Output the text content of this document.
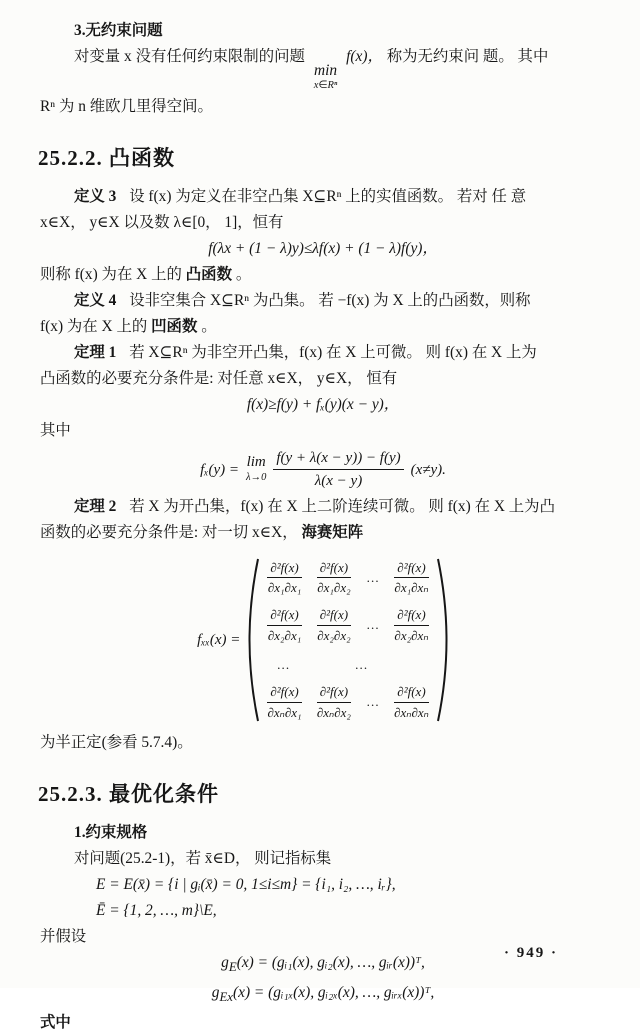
3.无约束问题
对变量 x 没有任何约束限制的问题
min
x∈Rⁿ
f(x)， 称为无约束问 题。 其中
Rⁿ 为 n 维欧几里得空间。
25.2.2. 凸函数
定义 3 设 f(x) 为定义在非空凸集 X⊆Rⁿ 上的实值函数。 若对 任 意
x∈X， y∈X 以及数 λ∈[0， 1]，恒有
f(λx + (1 − λ)y)≤λf(x) + (1 − λ)f(y)，
则称 f(x) 为在 X 上的 凸函数 。
定义 4 设非空集合 X⊆Rⁿ 为凸集。 若 −f(x) 为 X 上的凸函数，则称
f(x) 为在 X 上的 凹函数 。
定理 1 若 X⊆Rⁿ 为非空开凸集，f(x) 在 X 上可微。 则 f(x) 在 X 上为
凸函数的必要充分条件是: 对任意 x∈X， y∈X， 恒有
f(x)≥f(y) + fₓ(y)(x − y)，
其中
fₓ(y) = lim
$\lambda\to 0 \frac{f(y + \lambda(x - y)) - f(y)}{\lambda(x - y)} (x\ne y)$.
定理 2 若 X 为开凸集，f(x) 在 X 上二阶连续可微。 则 f(x) 在 X 上为凸
函数的必要充分条件是: 对一切 x∈X， 海赛矩阵
fₓₓ(x) =
$\frac{\text{∂²f(x)}}{\text{∂x₁∂x₁}} \frac{\text{∂²f(x)}}{\text{∂x₁∂x₂}}$ … $\frac{\text{∂²f(x)}}{\text{∂x₁∂xₙ}}$
$\frac{\text{∂²f(x)}}{\text{∂x₂∂x₁}} \frac{\text{∂²f(x)}}{\text{∂x₂∂x₂}}$ … $\frac{\text{∂²f(x)}}{\text{∂x₂∂xₙ}}$
…　…
$\frac{\text{∂²f(x)}}{\text{∂xₙ∂x₁}} \frac{\text{∂²f(x)}}{\text{∂xₙ∂x₂}}$ … $\frac{\text{∂²f(x)}}{\text{∂xₙ∂xₙ}}$
为半正定(参看 5.7.4)。
25.2.3. 最优化条件
1.约束规格
对问题(25.2-1)，若 x̄∈D， 则记指标集
E = E(x̄) = {i | gᵢ(x̄) = 0, 1≤i≤m} = {i₁, i₂, …, iᵣ},
Ē = {1, 2, …, m}\E,
并假设
$g_E(x)$ = (gᵢ₁(x), gᵢ₂(x), …, gᵢᵣ(x))ᵀ,
$g_{Ex}(x)$ = (gᵢ₁ₓ(x), gᵢ₂ₓ(x), …, gᵢᵣₓ(x))ᵀ,
式中
· 949 ·
